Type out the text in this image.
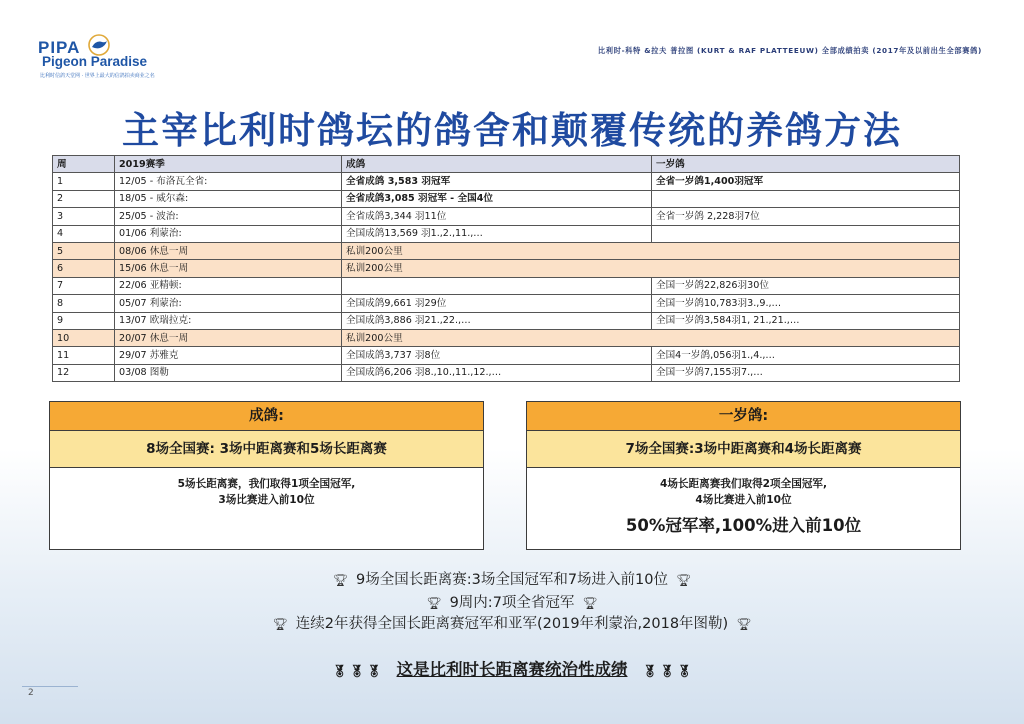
PIPA
Pigeon Paradise
比利时信鸽天堂网 · 世界上最大的信鸽拍卖商业之名
比利时-科特 &拉夫 普拉图 (KURT & RAF PLATTEEUW) 全部成绩拍卖 (2017年及以前出生全部赛鸽)
主宰比利时鸽坛的鸽舍和颠覆传统的养鸽方法
周	2019赛季	成鸽	一岁鸽
1	12/05 - 布洛瓦全省:	全省成鸽 3,583 羽冠军	全省一岁鸽1,400羽冠军
2	18/05 - 威尔森:	全省成鸽3,085 羽冠军 - 全国4位	
3	25/05 - 波治:	全省成鸽3,344 羽11位	全省一岁鸽 2,228羽7位
4	01/06 利蒙治:	全国成鸽13,569 羽1.,2.,11.,…	
5	08/06 休息一周	私训200公里	
6	15/06 休息一周	私训200公里	
7	22/06 亚精顿:		全国一岁鸽22,826羽30位
8	05/07 利蒙治:	全国成鸽9,661 羽29位	全国一岁鸽10,783羽3.,9.,…
9	13/07 欧瑞拉克:	全国成鸽3,886 羽21.,22.,…	全国一岁鸽3,584羽1, 21.,21.,…
10	20/07 休息一周	私训200公里	
11	29/07 苏雅克	全国成鸽3,737 羽8位	全国4一岁鸽,056羽1.,4.,…
12	03/08 图勒	全国成鸽6,206 羽8.,10.,11.,12.,…	全国一岁鸽7,155羽7.,…
成鸽:
8场全国赛: 3场中距离赛和5场长距离赛
5场长距离赛，我们取得1项全国冠军,
3场比赛进入前10位
一岁鸽:
7场全国赛:3场中距离赛和4场长距离赛
4场长距离赛我们取得2项全国冠军,
4场比赛进入前10位
50%冠军率,100%进入前10位
🏆︎ 9场全国长距离赛:3场全国冠军和7场进入前10位 🏆︎
🏆︎ 9周内:7项全省冠军 🏆︎
🏆︎ 连续2年获得全国长距离赛冠军和亚军(2019年利蒙治,2018年图勒) 🏆︎
🏅︎ 🏅︎ 🏅︎ 这是比利时长距离赛统治性成绩 🏅︎ 🏅︎ 🏅︎
2
